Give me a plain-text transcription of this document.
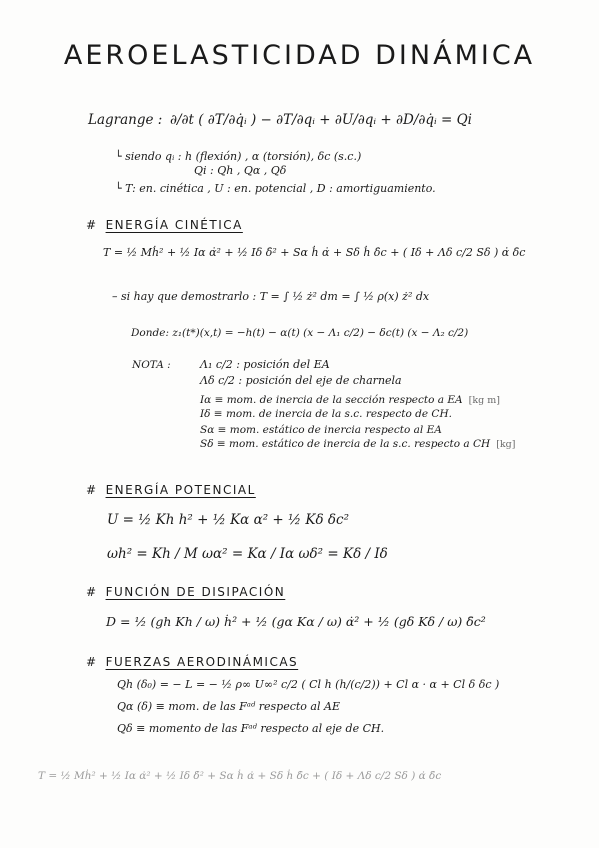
AEROELASTICIDAD DINÁMICA
Lagrange : ∂/∂t ( ∂T/∂q̇ᵢ ) − ∂T/∂qᵢ + ∂U/∂qᵢ + ∂D/∂q̇ᵢ = Qi
└ siendo qᵢ : h (flexión) , α (torsión), δc (s.c.)
Qi : Qh , Qα , Qδ
└ T: en. cinética , U : en. potencial , D : amortiguamiento.
# ENERGÍA CINÉTICA
T = ½ Mḣ² + ½ Iα α̇² + ½ Iδ δ̇² + Sα ḣ α̇ + Sδ ḣ δ̇c + ( Iδ + Λδ c/2 Sδ ) α̇ δ̇c
– si hay que demostrarlo : T = ∫ ½ ż² dm = ∫ ½ ρ(x) ż² dx
Donde: z₁(t*)(x,t) = −h(t) − α(t) (x − Λ₁ c/2) − δc(t) (x − Λ₂ c/2)
NOTA :	Λ₁ c/2 : posición del EA
Λδ c/2 : posición del eje de charnela
Iα ≡ mom. de inercia de la sección respecto a EA [kg m]
Iδ ≡ mom. de inercia de la s.c. respecto de CH.
Sα ≡ mom. estático de inercia respecto al EA
Sδ ≡ mom. estático de inercia de la s.c. respecto a CH [kg]
# ENERGÍA POTENCIAL
U = ½ Kh h² + ½ Kα α² + ½ Kδ δc²
ωh² = Kh / M ωα² = Kα / Iα ωδ² = Kδ / Iδ
# FUNCIÓN DE DISIPACIÓN
D = ½ (gh Kh / ω) ḣ² + ½ (gα Kα / ω) α̇² + ½ (gδ Kδ / ω) δ̇c²
# FUERZAS AERODINÁMICAS
Qh (δ₀) = − L = − ½ ρ∞ U∞² c/2 ( Cl h (h/(c/2)) + Cl α · α + Cl δ δc )
Qα (δ) ≡ mom. de las Fᵃᵈ respecto al AE
Qδ ≡ momento de las Fᵃᵈ respecto al eje de CH.
T = ½ Mḣ² + ½ Iα α̇² + ½ Iδ δ̇² + Sα ḣ α̇ + Sδ ḣ δ̇c + ( Iδ + Λδ c/2 Sδ ) α̇ δ̇c
